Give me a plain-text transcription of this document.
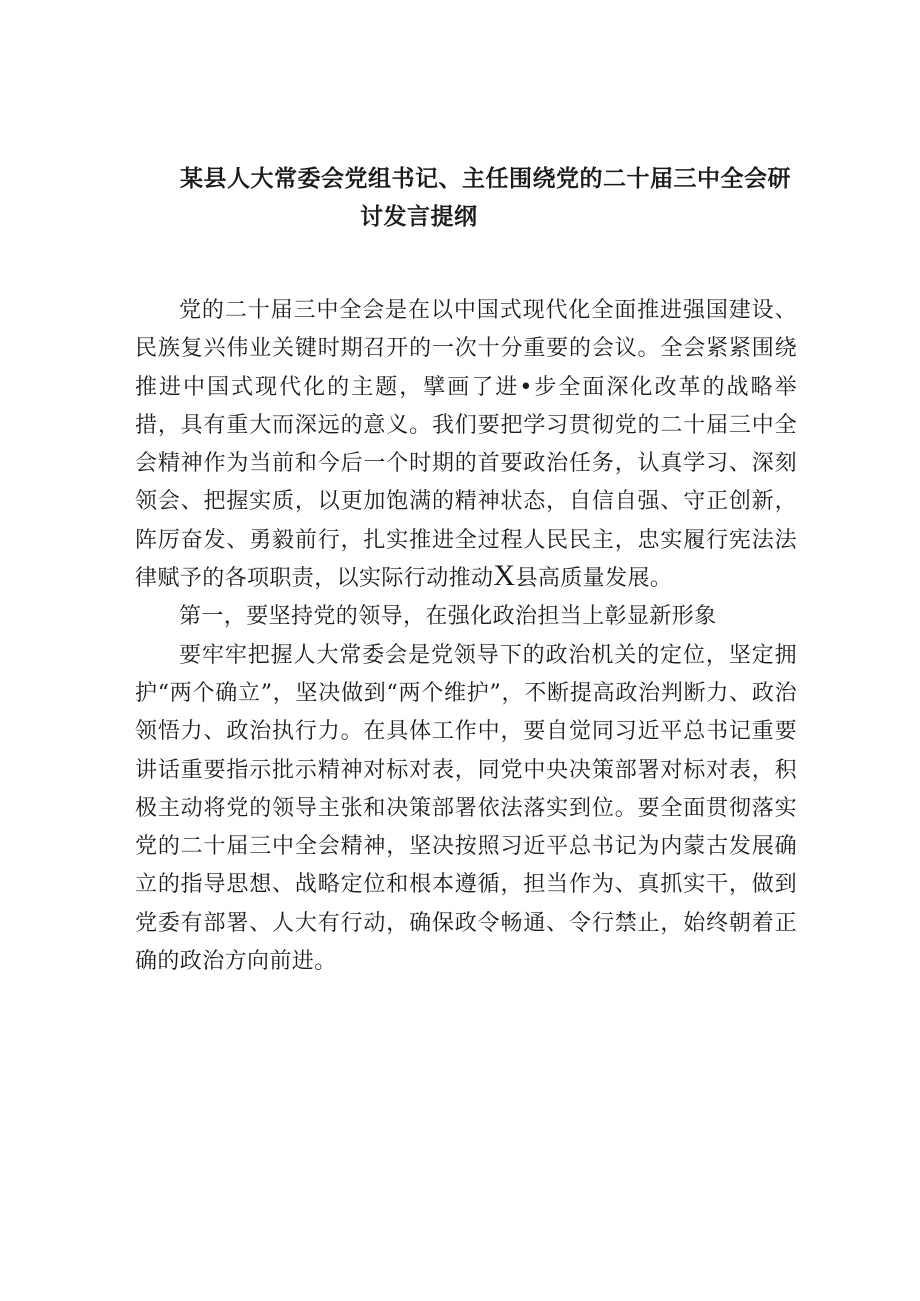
某县人大常委会党组书记、主任围绕党的二十届三中全会研
讨发言提纲

党的二十届三中全会是在以中国式现代化全面推进强国建设、民族复兴伟业关键时期召开的一次十分重要的会议。全会紧紧围绕推进中国式现代化的主题，擘画了进•步全面深化改革的战略举措，具有重大而深远的意义。我们要把学习贯彻党的二十届三中全会精神作为当前和今后一个时期的首要政治任务，认真学习、深刻领会、把握实质，以更加饱满的精神状态，自信自强、守正创新，阵厉奋发、勇毅前行，扎实推进全过程人民民主，忠实履行宪法法律赋予的各项职责，以实际行动推动X县高质量发展。

第一，要坚持党的领导，在强化政治担当上彰显新形象

要牢牢把握人大常委会是党领导下的政治机关的定位，坚定拥护“两个确立”，坚决做到“两个维护”，不断提高政治判断力、政治领悟力、政治执行力。在具体工作中，要自觉同习近平总书记重要讲话重要指示批示精神对标对表，同党中央决策部署对标对表，积极主动将党的领导主张和决策部署依法落实到位。要全面贯彻落实党的二十届三中全会精神，坚决按照习近平总书记为内蒙古发展确立的指导思想、战略定位和根本遵循，担当作为、真抓实干，做到党委有部署、人大有行动，确保政令畅通、令行禁止，始终朝着正确的政治方向前进。
